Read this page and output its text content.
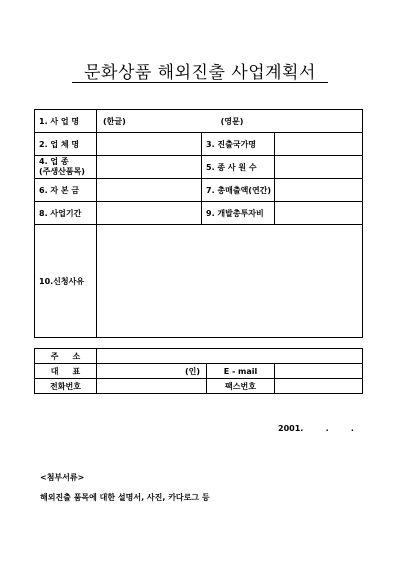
문화상품 해외진출 사업계획서
1. 사 업 명	(한글) (영문)		
2. 업 체 명		3. 진출국가명	

4. 업 종
(주생산품목)		5. 종 사 원 수	
6. 자 본 금		7. 총매출액(연간)	
8. 사업기간		9. 개발총투자비	
10.신청사유			
주     소			
대     표	(인)	E - mail	
전화번호		팩스번호	
2001.        .        .
<첨부서류>
해외진출 품목에 대한 설명서, 사진, 카다로그 등
